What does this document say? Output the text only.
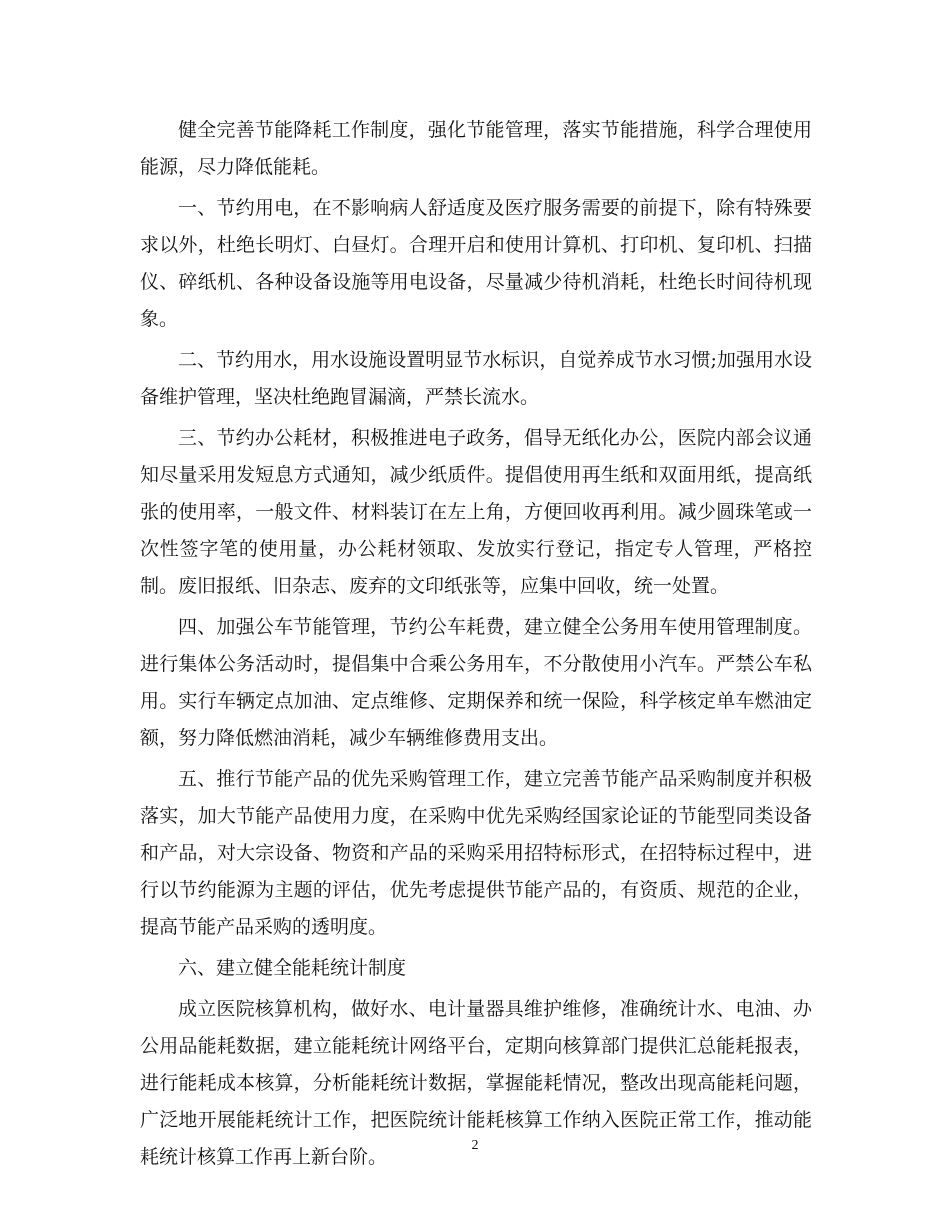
健全完善节能降耗工作制度，强化节能管理，落实节能措施，科学合理使用能源，尽力降低能耗。

一、节约用电，在不影响病人舒适度及医疗服务需要的前提下，除有特殊要求以外，杜绝长明灯、白昼灯。合理开启和使用计算机、打印机、复印机、扫描仪、碎纸机、各种设备设施等用电设备，尽量减少待机消耗，杜绝长时间待机现象。

二、节约用水，用水设施设置明显节水标识，自觉养成节水习惯;加强用水设备维护管理，坚决杜绝跑冒漏滴，严禁长流水。

三、节约办公耗材，积极推进电子政务，倡导无纸化办公，医院内部会议通知尽量采用发短息方式通知，减少纸质件。提倡使用再生纸和双面用纸，提高纸张的使用率，一般文件、材料装订在左上角，方便回收再利用。减少圆珠笔或一次性签字笔的使用量，办公耗材领取、发放实行登记，指定专人管理，严格控制。废旧报纸、旧杂志、废弃的文印纸张等，应集中回收，统一处置。

四、加强公车节能管理，节约公车耗费，建立健全公务用车使用管理制度。进行集体公务活动时，提倡集中合乘公务用车，不分散使用小汽车。严禁公车私用。实行车辆定点加油、定点维修、定期保养和统一保险，科学核定单车燃油定额，努力降低燃油消耗，减少车辆维修费用支出。

五、推行节能产品的优先采购管理工作，建立完善节能产品采购制度并积极落实，加大节能产品使用力度，在采购中优先采购经国家论证的节能型同类设备和产品，对大宗设备、物资和产品的采购采用招特标形式，在招特标过程中，进行以节约能源为主题的评估，优先考虑提供节能产品的，有资质、规范的企业，提高节能产品采购的透明度。

六、建立健全能耗统计制度

成立医院核算机构，做好水、电计量器具维护维修，准确统计水、电油、办公用品能耗数据，建立能耗统计网络平台，定期向核算部门提供汇总能耗报表，进行能耗成本核算，分析能耗统计数据，掌握能耗情况，整改出现高能耗问题，广泛地开展能耗统计工作，把医院统计能耗核算工作纳入医院正常工作，推动能耗统计核算工作再上新台阶。

2
